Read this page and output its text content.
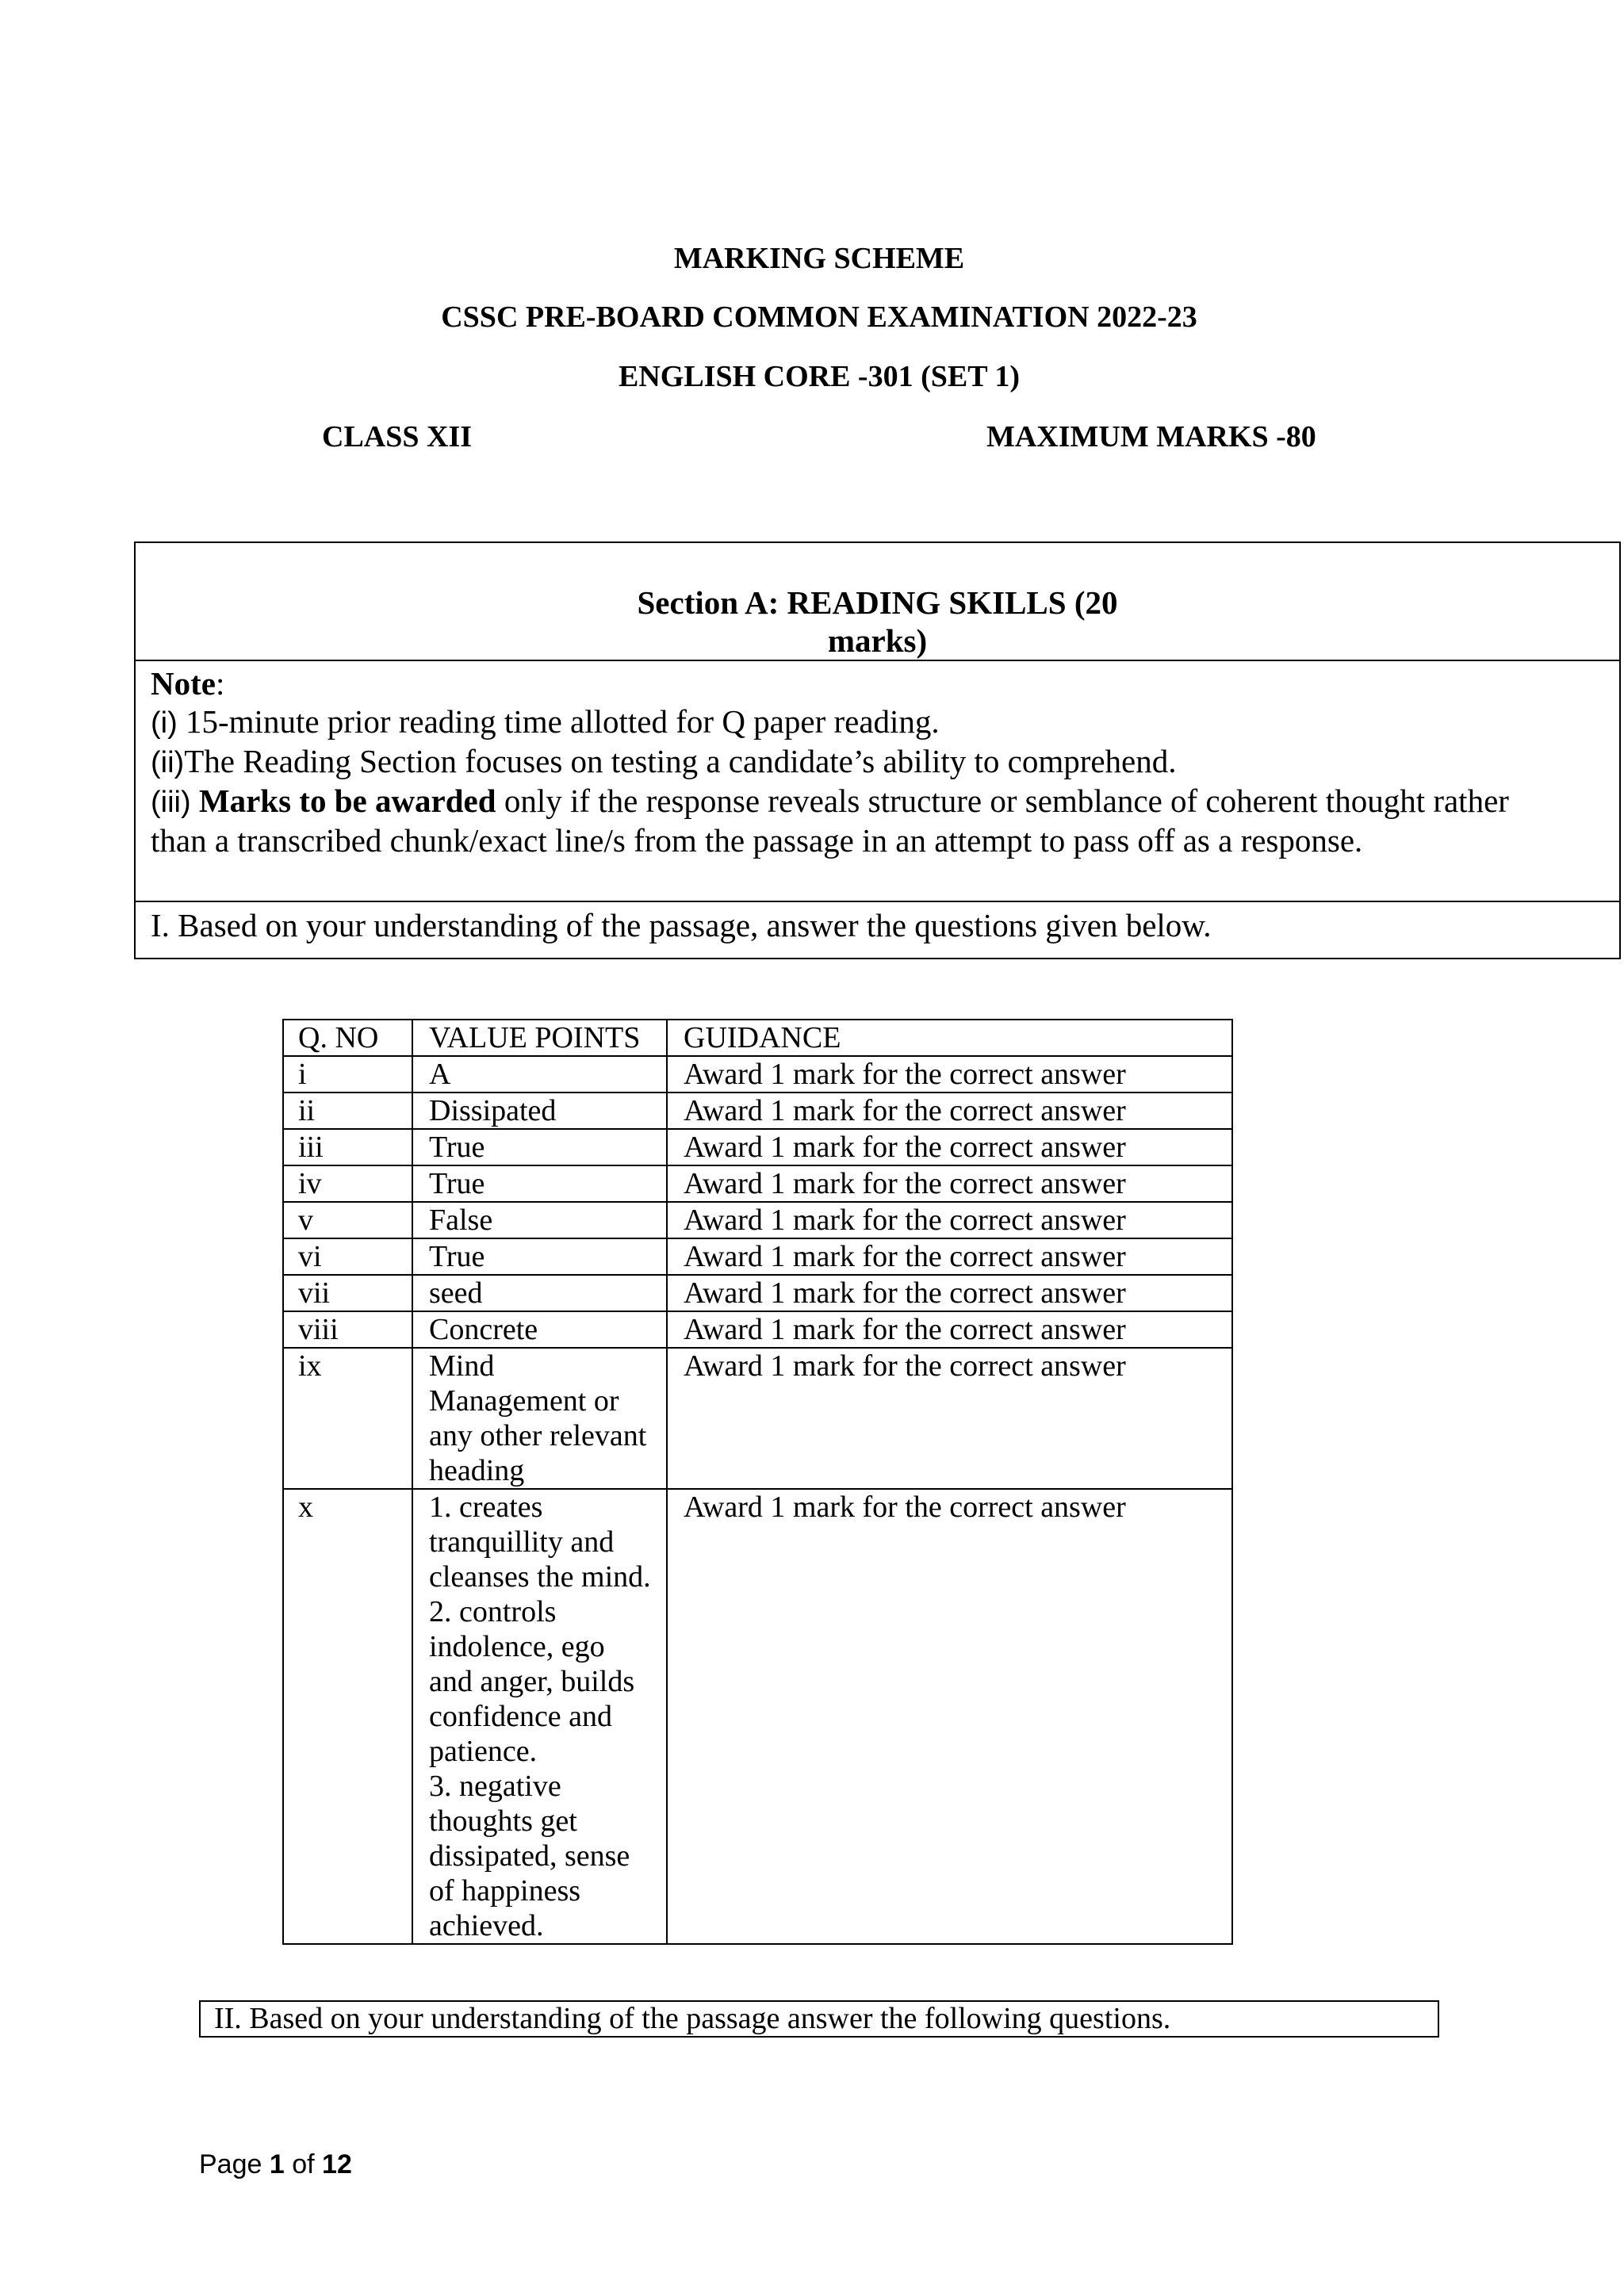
MARKING SCHEME
CSSC PRE-BOARD COMMON EXAMINATION 2022-23
ENGLISH CORE -301 (SET 1)
CLASS XII	MAXIMUM MARKS -80
Section A: READING SKILLS (20 marks)
Note:
(i) 15-minute prior reading time allotted for Q paper reading.
(ii)The Reading Section focuses on testing a candidate’s ability to comprehend.
(iii) Marks to be awarded only if the response reveals structure or semblance of coherent thought rather than a transcribed chunk/exact line/s from the passage in an attempt to pass off as a response.
I. Based on your understanding of the passage, answer the questions given below.
Q. NO	VALUE POINTS	GUIDANCE
i	A	Award 1 mark for the correct answer
ii	Dissipated	Award 1 mark for the correct answer
iii	True	Award 1 mark for the correct answer
iv	True	Award 1 mark for the correct answer
v	False	Award 1 mark for the correct answer
vi	True	Award 1 mark for the correct answer
vii	seed	Award 1 mark for the correct answer
viii	Concrete	Award 1 mark for the correct answer
ix	Mind Management or any other relevant heading	Award 1 mark for the correct answer
x	1. creates tranquillity and cleanses the mind.
2. controls indolence, ego and anger, builds confidence and patience.
3. negative thoughts get dissipated, sense of happiness achieved.	Award 1 mark for the correct answer
II. Based on your understanding of the passage answer the following questions.
Page 1 of 12
